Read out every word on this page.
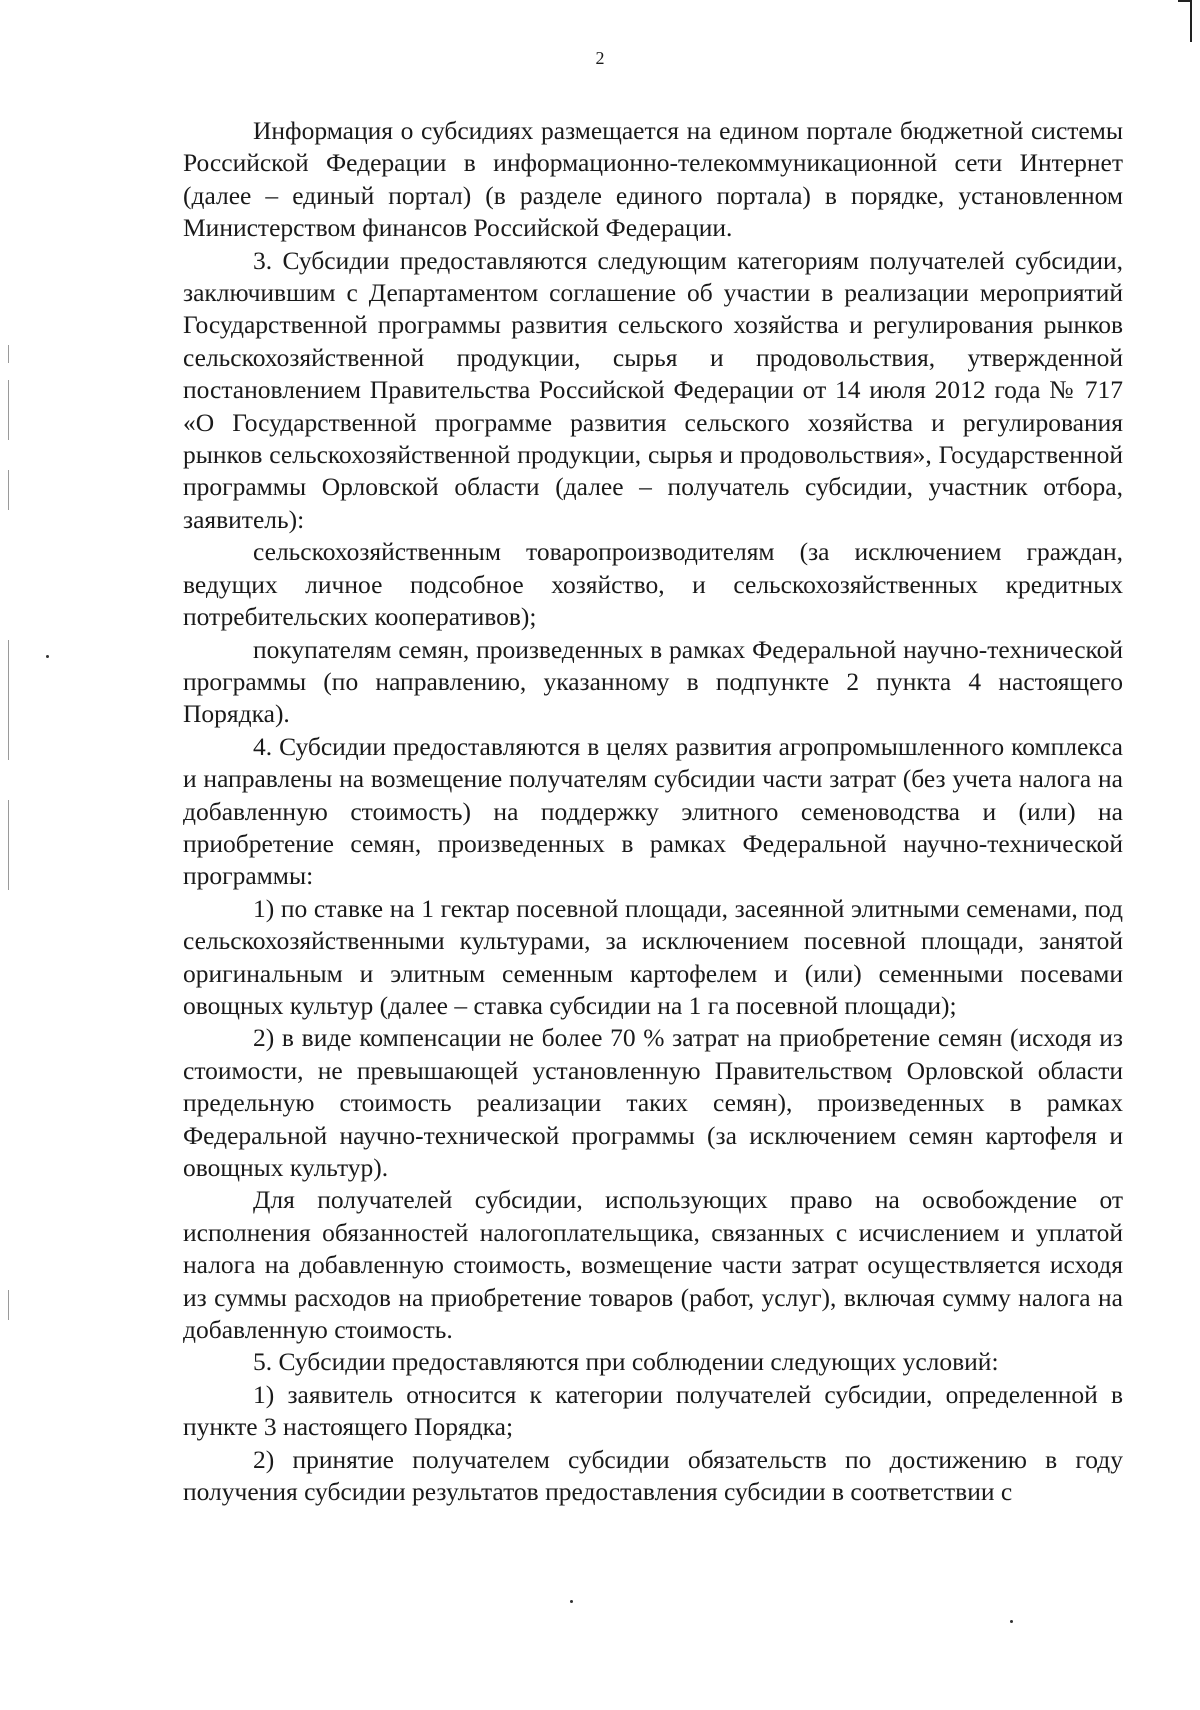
2

Информация о субсидиях размещается на едином портале бюджетной системы Российской Федерации в информационно-телекоммуникационной сети Интернет (далее – единый портал) (в разделе единого портала) в порядке, установленном Министерством финансов Российской Федерации.

3. Субсидии предоставляются следующим категориям получателей субсидии, заключившим с Департаментом соглашение об участии в реализации мероприятий Государственной программы развития сельского хозяйства и регулирования рынков сельскохозяйственной продукции, сырья и продовольствия, утвержденной постановлением Правительства Российской Федерации от 14 июля 2012 года № 717 «О Государственной программе развития сельского хозяйства и регулирования рынков сельскохозяйственной продукции, сырья и продовольствия», Государственной программы Орловской области (далее – получатель субсидии, участник отбора, заявитель):

сельскохозяйственным товаропроизводителям (за исключением граждан, ведущих личное подсобное хозяйство, и сельскохозяйственных кредитных потребительских кооперативов);

покупателям семян, произведенных в рамках Федеральной научно-технической программы (по направлению, указанному в подпункте 2 пункта 4 настоящего Порядка).

4. Субсидии предоставляются в целях развития агропромышленного комплекса и направлены на возмещение получателям субсидии части затрат (без учета налога на добавленную стоимость) на поддержку элитного семеноводства и (или) на приобретение семян, произведенных в рамках Федеральной научно-технической программы:

1) по ставке на 1 гектар посевной площади, засеянной элитными семенами, под сельскохозяйственными культурами, за исключением посевной площади, занятой оригинальным и элитным семенным картофелем и (или) семенными посевами овощных культур (далее – ставка субсидии на 1 га посевной площади);

2) в виде компенсации не более 70 % затрат на приобретение семян (исходя из стоимости, не превышающей установленную Правительством Орловской области предельную стоимость реализации таких семян), произведенных в рамках Федеральной научно-технической программы (за исключением семян картофеля и овощных культур).

Для получателей субсидии, использующих право на освобождение от исполнения обязанностей налогоплательщика, связанных с исчислением и уплатой налога на добавленную стоимость, возмещение части затрат осуществляется исходя из суммы расходов на приобретение товаров (работ, услуг), включая сумму налога на добавленную стоимость.

5. Субсидии предоставляются при соблюдении следующих условий:

1) заявитель относится к категории получателей субсидии, определенной в пункте 3 настоящего Порядка;

2) принятие получателем субсидии обязательств по достижению в году получения субсидии результатов предоставления субсидии в соответствии с
